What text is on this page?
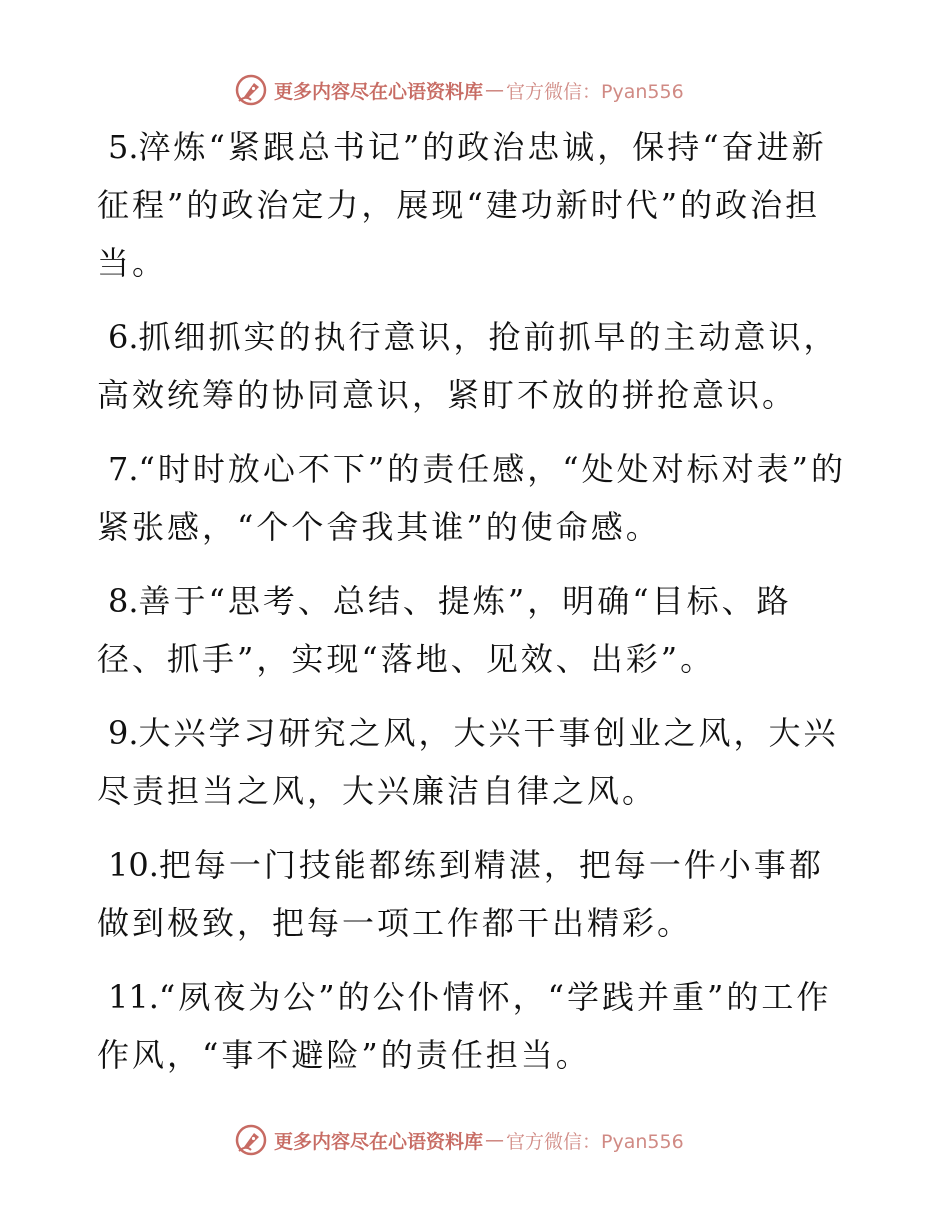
更多内容尽在心语资料库 — 官方微信：Pyan556

5.淬炼“紧跟总书记”的政治忠诚，保持“奋进新征程”的政治定力，展现“建功新时代”的政治担当。

6.抓细抓实的执行意识，抢前抓早的主动意识，高效统筹的协同意识，紧盯不放的拼抢意识。

7.“时时放心不下”的责任感，“处处对标对表”的紧张感，“个个舍我其谁”的使命感。

8.善于“思考、总结、提炼”，明确“目标、路径、抓手”，实现“落地、见效、出彩”。

9.大兴学习研究之风，大兴干事创业之风，大兴尽责担当之风，大兴廉洁自律之风。

10.把每一门技能都练到精湛，把每一件小事都做到极致，把每一项工作都干出精彩。

11.“夙夜为公”的公仆情怀，“学践并重”的工作作风，“事不避险”的责任担当。

更多内容尽在心语资料库 — 官方微信：Pyan556
